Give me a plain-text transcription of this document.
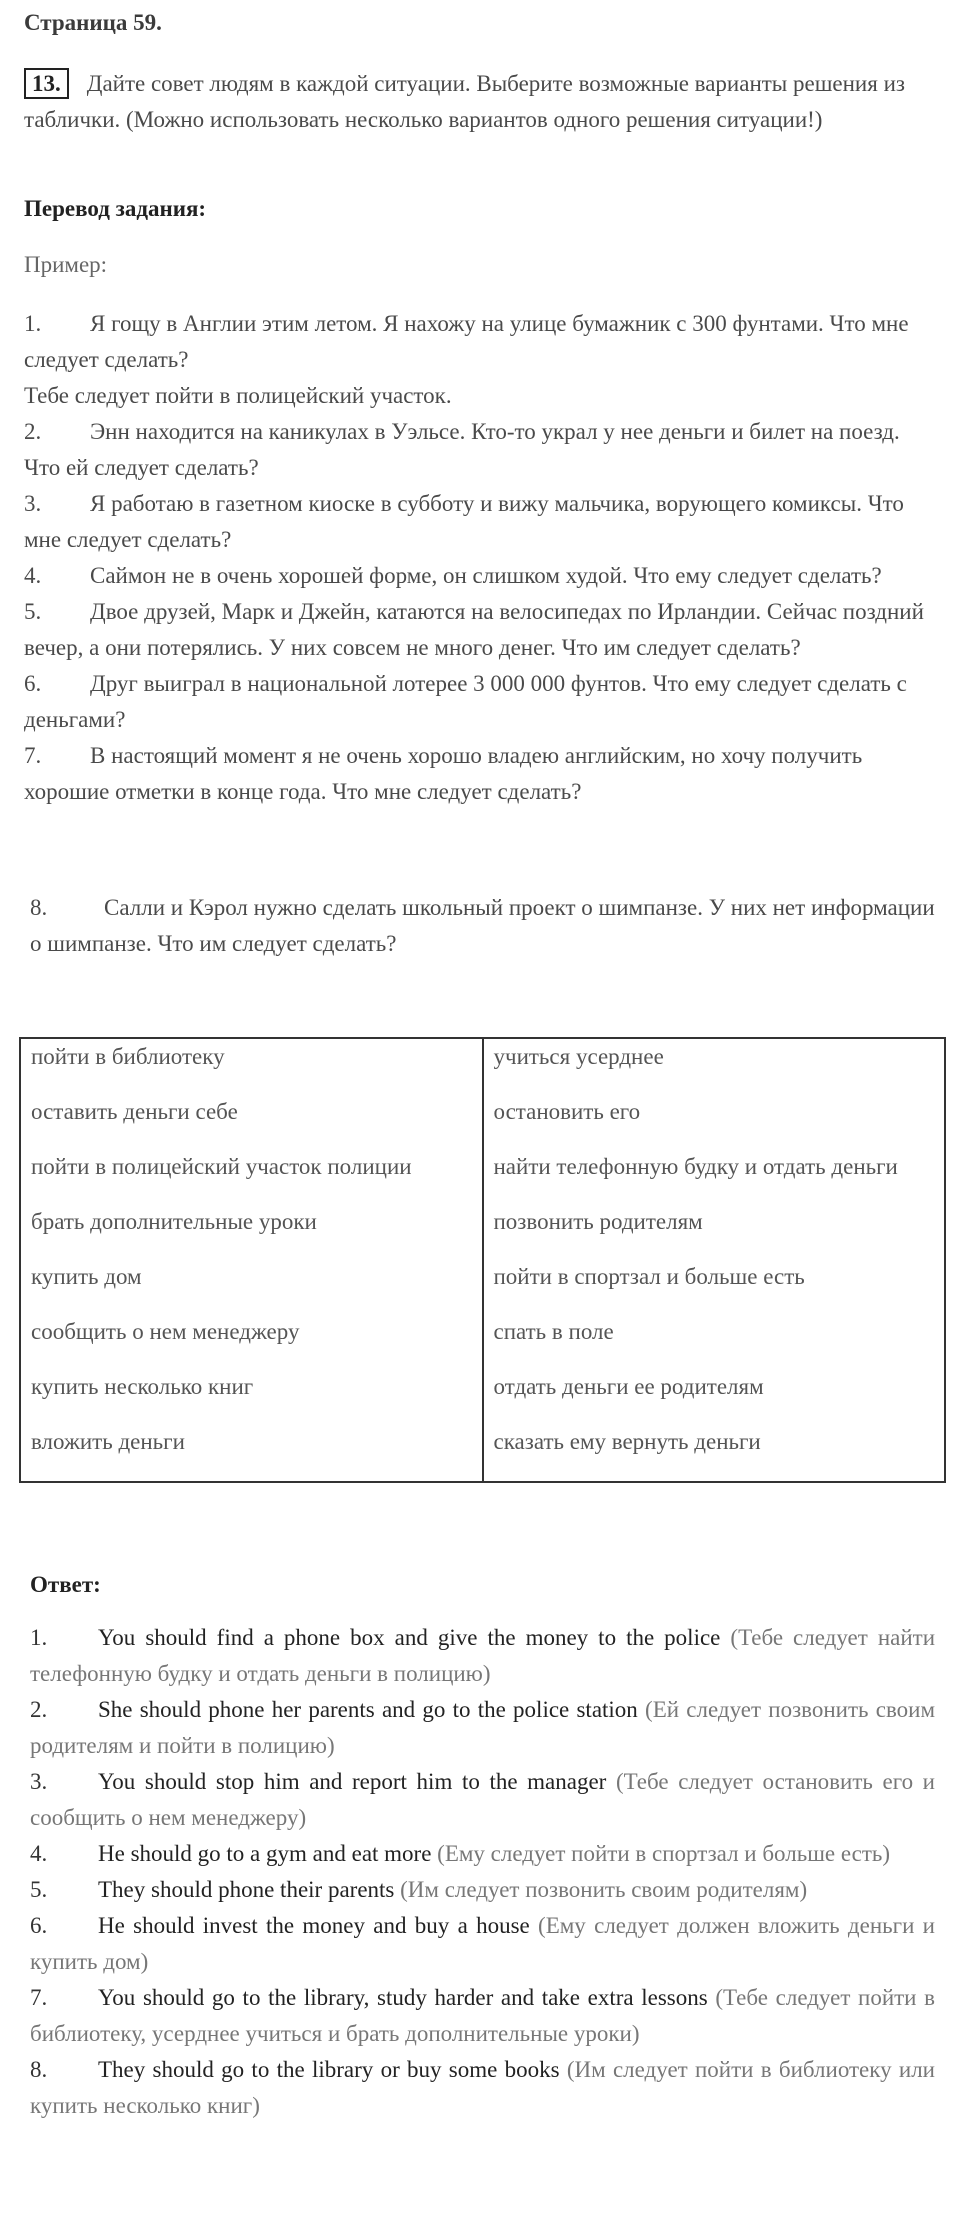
Страница 59.
13. Дайте совет людям в каждой ситуации. Выберите возможные варианты решения из таблички. (Можно использовать несколько вариантов одного решения ситуации!)
Перевод задания:
Пример:
1. Я гощу в Англии этим летом. Я нахожу на улице бумажник с 300 фунтами. Что мне следует сделать?
Тебе следует пойти в полицейский участок.
2. Энн находится на каникулах в Уэльсе. Кто-то украл у нее деньги и билет на поезд. Что ей следует сделать?
3. Я работаю в газетном киоске в субботу и вижу мальчика, ворующего комиксы. Что мне следует сделать?
4. Саймон не в очень хорошей форме, он слишком худой. Что ему следует сделать?
5. Двое друзей, Марк и Джейн, катаются на велосипедах по Ирландии. Сейчас поздний вечер, а они потерялись. У них совсем не много денег. Что им следует сделать?
6. Друг выиграл в национальной лотерее 3 000 000 фунтов. Что ему следует сделать с деньгами?
7. В настоящий момент я не очень хорошо владею английским, но хочу получить хорошие отметки в конце года. Что мне следует сделать?
8. Салли и Кэрол нужно сделать школьный проект о шимпанзе. У них нет информации о шимпанзе. Что им следует сделать?
пойти в библиотеку	учиться усерднее
оставить деньги себе	остановить его
пойти в полицейский участок полиции	найти телефонную будку и отдать деньги
брать дополнительные уроки	позвонить родителям
купить дом	пойти в спортзал и больше есть
сообщить о нем менеджеру	спать в поле
купить несколько книг	отдать деньги ее родителям
вложить деньги	сказать ему вернуть деньги
Ответ:
1. You should find a phone box and give the money to the police (Тебе следует найти телефонную будку и отдать деньги в полицию)
2. She should phone her parents and go to the police station (Ей следует позвонить своим родителям и пойти в полицию)
3. You should stop him and report him to the manager (Тебе следует остановить его и сообщить о нем менеджеру)
4. He should go to a gym and eat more (Ему следует пойти в спортзал и больше есть)
5. They should phone their parents (Им следует позвонить своим родителям)
6. He should invest the money and buy a house (Ему следует должен вложить деньги и купить дом)
7. You should go to the library, study harder and take extra lessons (Тебе следует пойти в библиотеку, усерднее учиться и брать дополнительные уроки)
8. They should go to the library or buy some books (Им следует пойти в библиотеку или купить несколько книг)
